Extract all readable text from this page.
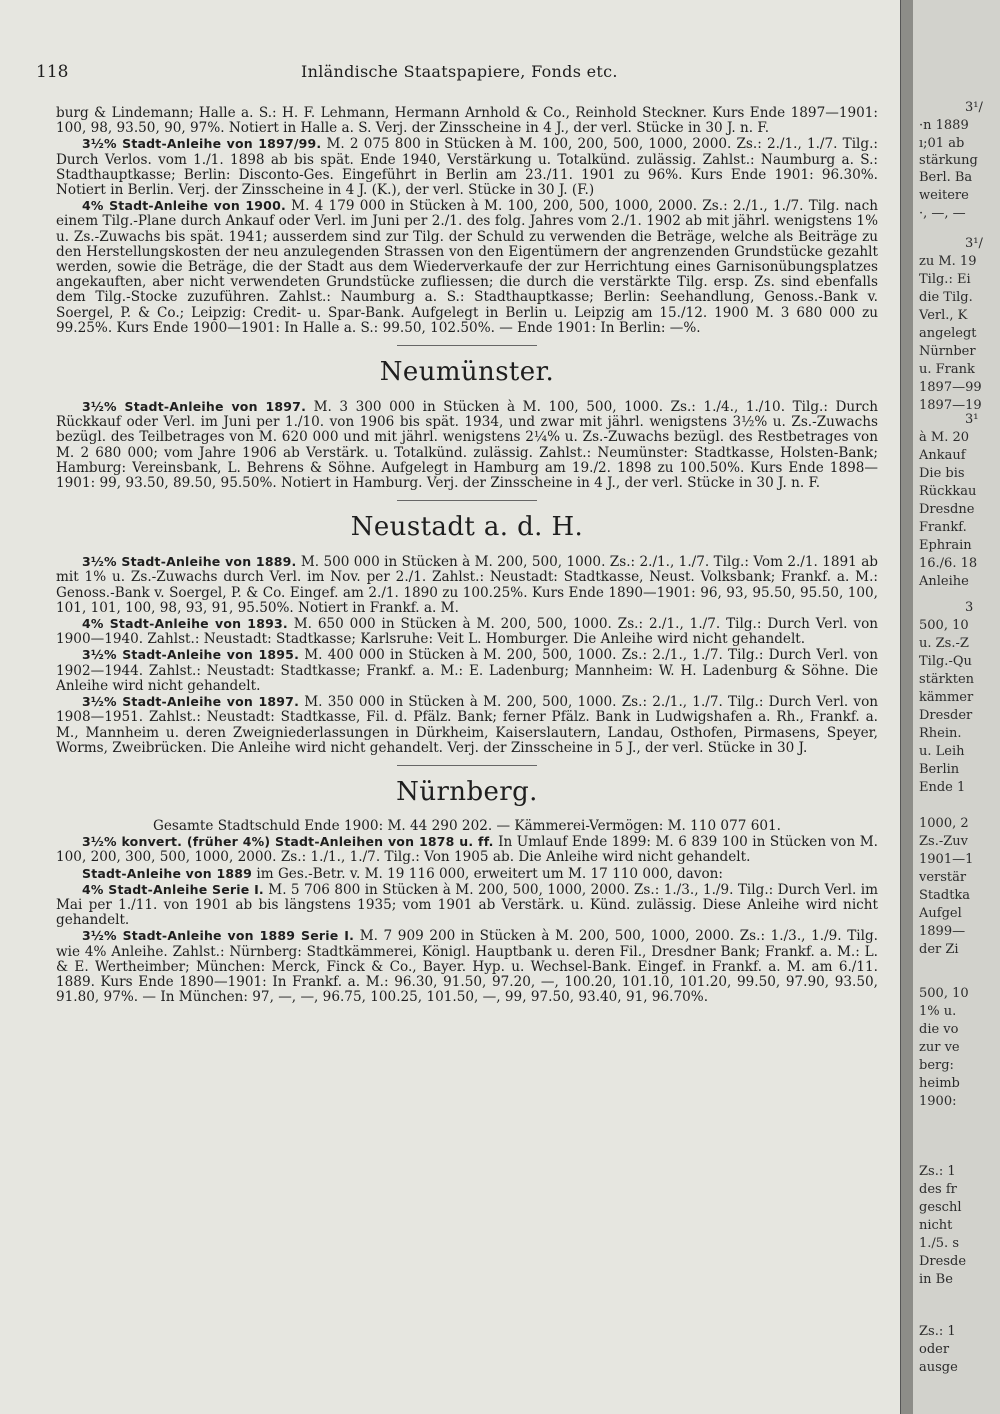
118	Inländische Staatspapiere, Fonds etc.

burg & Lindemann; Halle a. S.: H. F. Lehmann, Hermann Arnhold & Co., Reinhold Steckner. Kurs Ende 1897—1901: 100, 98, 93.50, 90, 97%. Notiert in Halle a. S. Verj. der Zinsscheine in 4 J., der verl. Stücke in 30 J. n. F.

3½% Stadt-Anleihe von 1897/99. M. 2 075 800 in Stücken à M. 100, 200, 500, 1000, 2000. Zs.: 2./1., 1./7. Tilg.: Durch Verlos. vom 1./1. 1898 ab bis spät. Ende 1940, Verstärkung u. Totalkünd. zulässig. Zahlst.: Naumburg a. S.: Stadthauptkasse; Berlin: Disconto-Ges. Eingeführt in Berlin am 23./11. 1901 zu 96%. Kurs Ende 1901: 96.30%. Notiert in Berlin. Verj. der Zinsscheine in 4 J. (K.), der verl. Stücke in 30 J. (F.)

4% Stadt-Anleihe von 1900. M. 4 179 000 in Stücken à M. 100, 200, 500, 1000, 2000. Zs.: 2./1., 1./7. Tilg. nach einem Tilg.-Plane durch Ankauf oder Verl. im Juni per 2./1. des folg. Jahres vom 2./1. 1902 ab mit jährl. wenigstens 1% u. Zs.-Zuwachs bis spät. 1941; ausserdem sind zur Tilg. der Schuld zu verwenden die Beträge, welche als Beiträge zu den Herstellungskosten der neu anzulegenden Strassen von den Eigentümern der angrenzenden Grundstücke gezahlt werden, sowie die Beträge, die der Stadt aus dem Wiederverkaufe der zur Herrichtung eines Garnisonübungsplatzes angekauften, aber nicht verwendeten Grundstücke zufliessen; die durch die verstärkte Tilg. ersp. Zs. sind ebenfalls dem Tilg.-Stocke zuzuführen. Zahlst.: Naumburg a. S.: Stadthauptkasse; Berlin: Seehandlung, Genoss.-Bank v. Soergel, P. & Co.; Leipzig: Credit- u. Spar-Bank. Aufgelegt in Berlin u. Leipzig am 15./12. 1900 M. 3 680 000 zu 99.25%. Kurs Ende 1900—1901: In Halle a. S.: 99.50, 102.50%. — Ende 1901: In Berlin: —%.

Neumünster.

3½% Stadt-Anleihe von 1897. M. 3 300 000 in Stücken à M. 100, 500, 1000. Zs.: 1./4., 1./10. Tilg.: Durch Rückkauf oder Verl. im Juni per 1./10. von 1906 bis spät. 1934, und zwar mit jährl. wenigstens 3½% u. Zs.-Zuwachs bezügl. des Teilbetrages von M. 620 000 und mit jährl. wenigstens 2¼% u. Zs.-Zuwachs bezügl. des Restbetrages von M. 2 680 000; vom Jahre 1906 ab Verstärk. u. Totalkünd. zulässig. Zahlst.: Neumünster: Stadtkasse, Holsten-Bank; Hamburg: Vereinsbank, L. Behrens & Söhne. Aufgelegt in Hamburg am 19./2. 1898 zu 100.50%. Kurs Ende 1898—1901: 99, 93.50, 89.50, 95.50%. Notiert in Hamburg. Verj. der Zinsscheine in 4 J., der verl. Stücke in 30 J. n. F.

Neustadt a. d. H.

3½% Stadt-Anleihe von 1889. M. 500 000 in Stücken à M. 200, 500, 1000. Zs.: 2./1., 1./7. Tilg.: Vom 2./1. 1891 ab mit 1% u. Zs.-Zuwachs durch Verl. im Nov. per 2./1. Zahlst.: Neustadt: Stadtkasse, Neust. Volksbank; Frankf. a. M.: Genoss.-Bank v. Soergel, P. & Co. Eingef. am 2./1. 1890 zu 100.25%. Kurs Ende 1890—1901: 96, 93, 95.50, 95.50, 100, 101, 101, 100, 98, 93, 91, 95.50%. Notiert in Frankf. a. M.

4% Stadt-Anleihe von 1893. M. 650 000 in Stücken à M. 200, 500, 1000. Zs.: 2./1., 1./7. Tilg.: Durch Verl. von 1900—1940. Zahlst.: Neustadt: Stadtkasse; Karlsruhe: Veit L. Homburger. Die Anleihe wird nicht gehandelt.

3½% Stadt-Anleihe von 1895. M. 400 000 in Stücken à M. 200, 500, 1000. Zs.: 2./1., 1./7. Tilg.: Durch Verl. von 1902—1944. Zahlst.: Neustadt: Stadtkasse; Frankf. a. M.: E. Ladenburg; Mannheim: W. H. Ladenburg & Söhne. Die Anleihe wird nicht gehandelt.

3½% Stadt-Anleihe von 1897. M. 350 000 in Stücken à M. 200, 500, 1000. Zs.: 2./1., 1./7. Tilg.: Durch Verl. von 1908—1951. Zahlst.: Neustadt: Stadtkasse, Fil. d. Pfälz. Bank; ferner Pfälz. Bank in Ludwigshafen a. Rh., Frankf. a. M., Mannheim u. deren Zweigniederlassungen in Dürkheim, Kaiserslautern, Landau, Osthofen, Pirmasens, Speyer, Worms, Zweibrücken. Die Anleihe wird nicht gehandelt. Verj. der Zinsscheine in 5 J., der verl. Stücke in 30 J.

Nürnberg.

Gesamte Stadtschuld Ende 1900: M. 44 290 202. — Kämmerei-Vermögen: M. 110 077 601.

3½% konvert. (früher 4%) Stadt-Anleihen von 1878 u. ff. In Umlauf Ende 1899: M. 6 839 100 in Stücken von M. 100, 200, 300, 500, 1000, 2000. Zs.: 1./1., 1./7. Tilg.: Von 1905 ab. Die Anleihe wird nicht gehandelt.

Stadt-Anleihe von 1889 im Ges.-Betr. v. M. 19 116 000, erweitert um M. 17 110 000, davon:

4% Stadt-Anleihe Serie I. M. 5 706 800 in Stücken à M. 200, 500, 1000, 2000. Zs.: 1./3., 1./9. Tilg.: Durch Verl. im Mai per 1./11. von 1901 ab bis längstens 1935; vom 1901 ab Verstärk. u. Künd. zulässig. Diese Anleihe wird nicht gehandelt.

3½% Stadt-Anleihe von 1889 Serie I. M. 7 909 200 in Stücken à M. 200, 500, 1000, 2000. Zs.: 1./3., 1./9. Tilg. wie 4% Anleihe. Zahlst.: Nürnberg: Stadtkämmerei, Königl. Hauptbank u. deren Fil., Dresdner Bank; Frankf. a. M.: L. & E. Wertheimber; München: Merck, Finck & Co., Bayer. Hyp. u. Wechsel-Bank. Eingef. in Frankf. a. M. am 6./11. 1889. Kurs Ende 1890—1901: In Frankf. a. M.: 96.30, 91.50, 97.20, —, 100.20, 101.10, 101.20, 99.50, 97.90, 93.50, 91.80, 97%. — In München: 97, —, —, 96.75, 100.25, 101.50, —, 99, 97.50, 93.40, 91, 96.70%.

3¹/
·n 1889
ı;01 ab
stärkung
Berl. Ba
weitere
·, —, —
3¹/
zu M. 19
Tilg.: Ei
die Tilg.
Verl., K
angelegt
Nürnber
u. Frank
1897—99
1897—19
3¹
à M. 20
Ankauf
Die bis
Rückkau
Dresdne
Frankf.
Ephrain
16./6. 18
Anleihe
3
500, 10
u. Zs.-Z
Tilg.-Qu
stärkten
kämmer
Dresder
Rhein.
u. Leih
Berlin
Ende 1
1000, 2
Zs.-Zuv
1901—1
verstär
Stadtka
Aufgel
1899—
der Zi
500, 10
1% u.
die vo
zur ve
berg:
heimb
1900:
Zs.: 1
des fr
geschl
nicht
1./5. s
Dresde
in Be
Zs.: 1
oder
ausge
